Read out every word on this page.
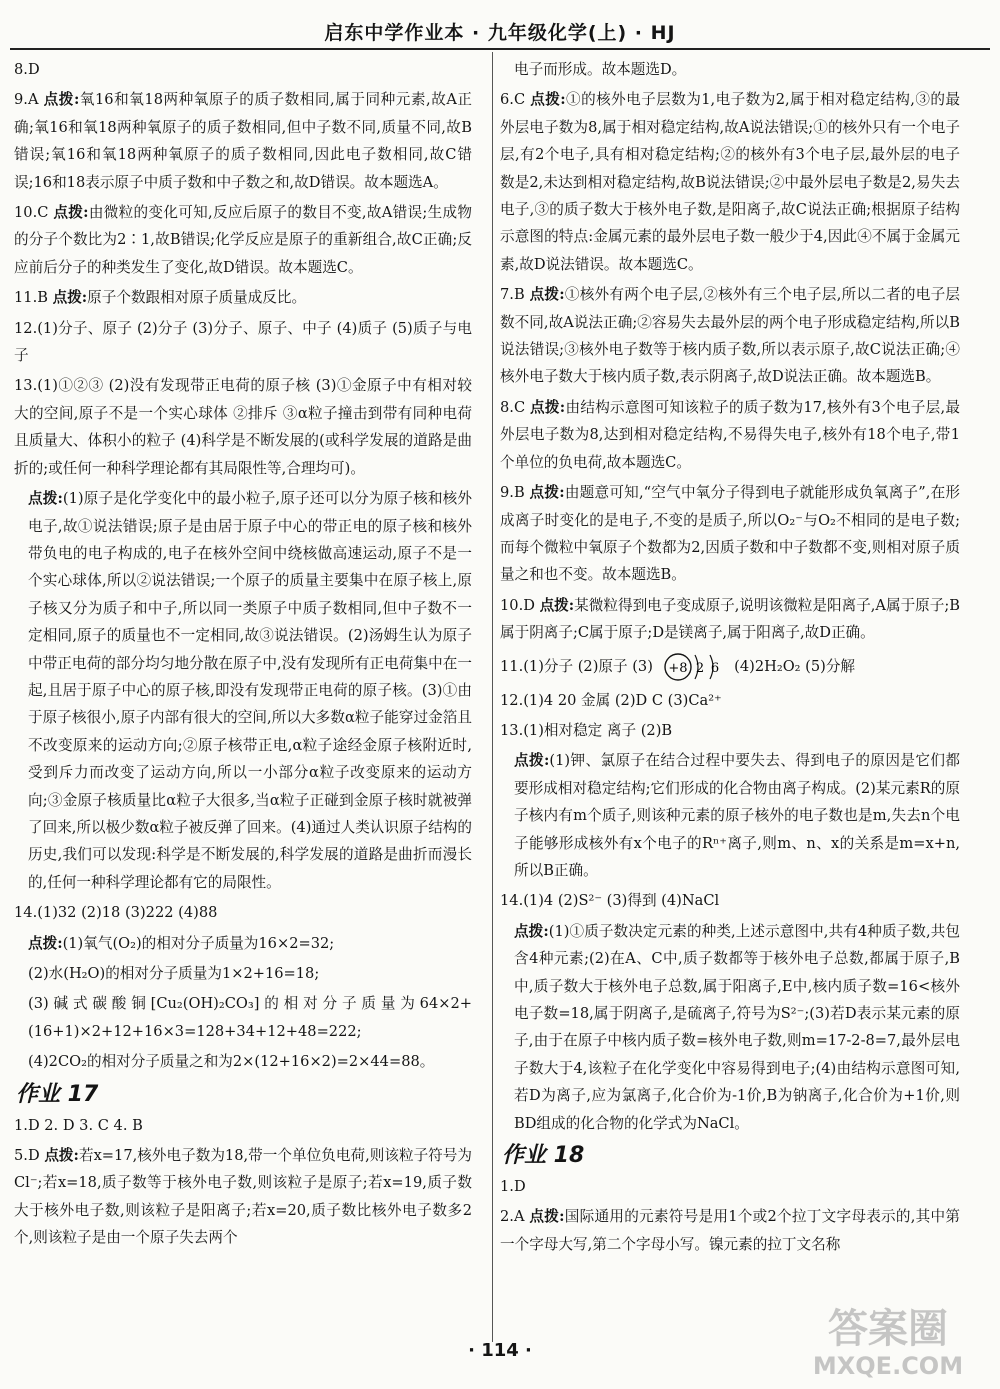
启东中学作业本 · 九年级化学(上) · HJ
8.D
9.A 点拨:氧16和氧18两种氧原子的质子数相同,属于同种元素,故A正确;氧16和氧18两种氧原子的质子数相同,但中子数不同,质量不同,故B错误;氧16和氧18两种氧原子的质子数相同,因此电子数相同,故C错误;16和18表示原子中质子数和中子数之和,故D错误。故本题选A。
10.C 点拨:由微粒的变化可知,反应后原子的数目不变,故A错误;生成物的分子个数比为2∶1,故B错误;化学反应是原子的重新组合,故C正确;反应前后分子的种类发生了变化,故D错误。故本题选C。
11.B 点拨:原子个数跟相对原子质量成反比。
12.(1)分子、原子 (2)分子 (3)分子、原子、中子 (4)质子 (5)质子与电子
13.(1)①②③ (2)没有发现带正电荷的原子核 (3)①金原子中有相对较大的空间,原子不是一个实心球体 ②排斥 ③α粒子撞击到带有同种电荷且质量大、体积小的粒子 (4)科学是不断发展的(或科学发展的道路是曲折的;或任何一种科学理论都有其局限性等,合理均可)。
点拨:(1)原子是化学变化中的最小粒子,原子还可以分为原子核和核外电子,故①说法错误;原子是由居于原子中心的带正电的原子核和核外带负电的电子构成的,电子在核外空间中绕核做高速运动,原子不是一个实心球体,所以②说法错误;一个原子的质量主要集中在原子核上,原子核又分为质子和中子,所以同一类原子中质子数相同,但中子数不一定相同,原子的质量也不一定相同,故③说法错误。(2)汤姆生认为原子中带正电荷的部分均匀地分散在原子中,没有发现所有正电荷集中在一起,且居于原子中心的原子核,即没有发现带正电荷的原子核。(3)①由于原子核很小,原子内部有很大的空间,所以大多数α粒子能穿过金箔且不改变原来的运动方向;②原子核带正电,α粒子途经金原子核附近时,受到斥力而改变了运动方向,所以一小部分α粒子改变原来的运动方向;③金原子核质量比α粒子大很多,当α粒子正碰到金原子核时就被弹了回来,所以极少数α粒子被反弹了回来。(4)通过人类认识原子结构的历史,我们可以发现:科学是不断发展的,科学发展的道路是曲折而漫长的,任何一种科学理论都有它的局限性。
14.(1)32 (2)18 (3)222 (4)88
点拨:(1)氧气(O₂)的相对分子质量为16×2=32;
(2)水(H₂O)的相对分子质量为1×2+16=18;
(3)碱式碳酸铜[Cu₂(OH)₂CO₃]的相对分子质量为64×2+(16+1)×2+12+16×3=128+34+12+48=222;
(4)2CO₂的相对分子质量之和为2×(12+16×2)=2×44=88。
作业 17
1.D 2. D 3. C 4. B
5.D 点拨:若x=17,核外电子数为18,带一个单位负电荷,则该粒子符号为Cl⁻;若x=18,质子数等于核外电子数,则该粒子是原子;若x=19,质子数大于核外电子数,则该粒子是阳离子;若x=20,质子数比核外电子数多2个,则该粒子是由一个原子失去两个
电子而形成。故本题选D。
6.C 点拨:①的核外电子层数为1,电子数为2,属于相对稳定结构,③的最外层电子数为8,属于相对稳定结构,故A说法错误;①的核外只有一个电子层,有2个电子,具有相对稳定结构;②的核外有3个电子层,最外层的电子数是2,未达到相对稳定结构,故B说法错误;②中最外层电子数是2,易失去电子,③的质子数大于核外电子数,是阳离子,故C说法正确;根据原子结构示意图的特点:金属元素的最外层电子数一般少于4,因此④不属于金属元素,故D说法错误。故本题选C。
7.B 点拨:①核外有两个电子层,②核外有三个电子层,所以二者的电子层数不同,故A说法正确;②容易失去最外层的两个电子形成稳定结构,所以B说法错误;③核外电子数等于核内质子数,所以表示原子,故C说法正确;④核外电子数大于核内质子数,表示阴离子,故D说法正确。故本题选B。
8.C 点拨:由结构示意图可知该粒子的质子数为17,核外有3个电子层,最外层电子数为8,达到相对稳定结构,不易得失电子,核外有18个电子,带1个单位的负电荷,故本题选C。
9.B 点拨:由题意可知,“空气中氧分子得到电子就能形成负氧离子”,在形成离子时变化的是电子,不变的是质子,所以O₂⁻与O₂不相同的是电子数;而每个微粒中氧原子个数都为2,因质子数和中子数都不变,则相对原子质量之和也不变。故本题选B。
10.D 点拨:某微粒得到电子变成原子,说明该微粒是阳离子,A属于原子;B属于阴离子;C属于原子;D是镁离子,属于阳离子,故D正确。
11.(1)分子 (2)原子 (3) +8 2 6 (4)2H₂O₂ (5)分解
12.(1)4 20 金属 (2)D C (3)Ca²⁺
13.(1)相对稳定 离子 (2)B
点拨:(1)钾、氯原子在结合过程中要失去、得到电子的原因是它们都要形成相对稳定结构;它们形成的化合物由离子构成。(2)某元素R的原子核内有m个质子,则该种元素的原子核外的电子数也是m,失去n个电子能够形成核外有x个电子的Rⁿ⁺离子,则m、n、x的关系是m=x+n,所以B正确。
14.(1)4 (2)S²⁻ (3)得到 (4)NaCl
点拨:(1)①质子数决定元素的种类,上述示意图中,共有4种质子数,共包含4种元素;(2)在A、C中,质子数都等于核外电子总数,都属于原子,B中,质子数大于核外电子总数,属于阳离子,E中,核内质子数=16<核外电子数=18,属于阴离子,是硫离子,符号为S²⁻;(3)若D表示某元素的原子,由于在原子中核内质子数=核外电子数,则m=17-2-8=7,最外层电子数大于4,该粒子在化学变化中容易得到电子;(4)由结构示意图可知,若D为离子,应为氯离子,化合价为-1价,B为钠离子,化合价为+1价,则BD组成的化合物的化学式为NaCl。
作业 18
1.D
2.A 点拨:国际通用的元素符号是用1个或2个拉丁文字母表示的,其中第一个字母大写,第二个字母小写。镍元素的拉丁文名称
· 114 ·	答案圈
MXQE.COM
